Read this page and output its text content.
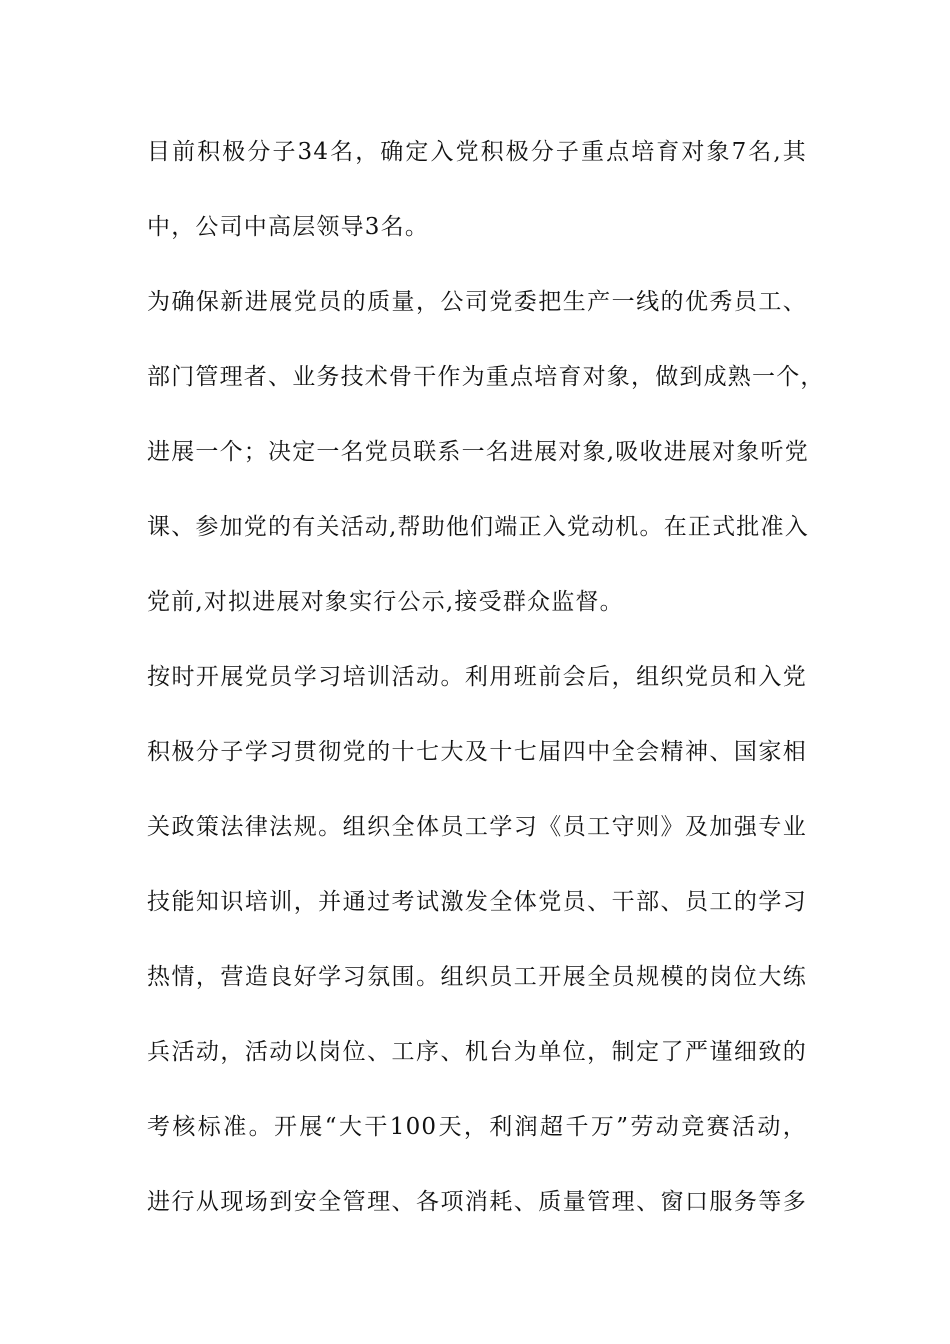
目前积极分子34名，确定入党积极分子重点培育对象7名,其
中，公司中高层领导3名。
为确保新进展党员的质量，公司党委把生产一线的优秀员工、
部门管理者、业务技术骨干作为重点培育对象，做到成熟一个，
进展一个；决定一名党员联系一名进展对象,吸收进展对象听党
课、参加党的有关活动,帮助他们端正入党动机。在正式批准入
党前,对拟进展对象实行公示,接受群众监督。
按时开展党员学习培训活动。利用班前会后，组织党员和入党
积极分子学习贯彻党的十七大及十七届四中全会精神、国家相
关政策法律法规。组织全体员工学习《员工守则》及加强专业
技能知识培训，并通过考试激发全体党员、干部、员工的学习
热情，营造良好学习氛围。组织员工开展全员规模的岗位大练
兵活动，活动以岗位、工序、机台为单位，制定了严谨细致的
考核标准。开展“大干100天，利润超千万”劳动竞赛活动，
进行从现场到安全管理、各项消耗、质量管理、窗口服务等多
